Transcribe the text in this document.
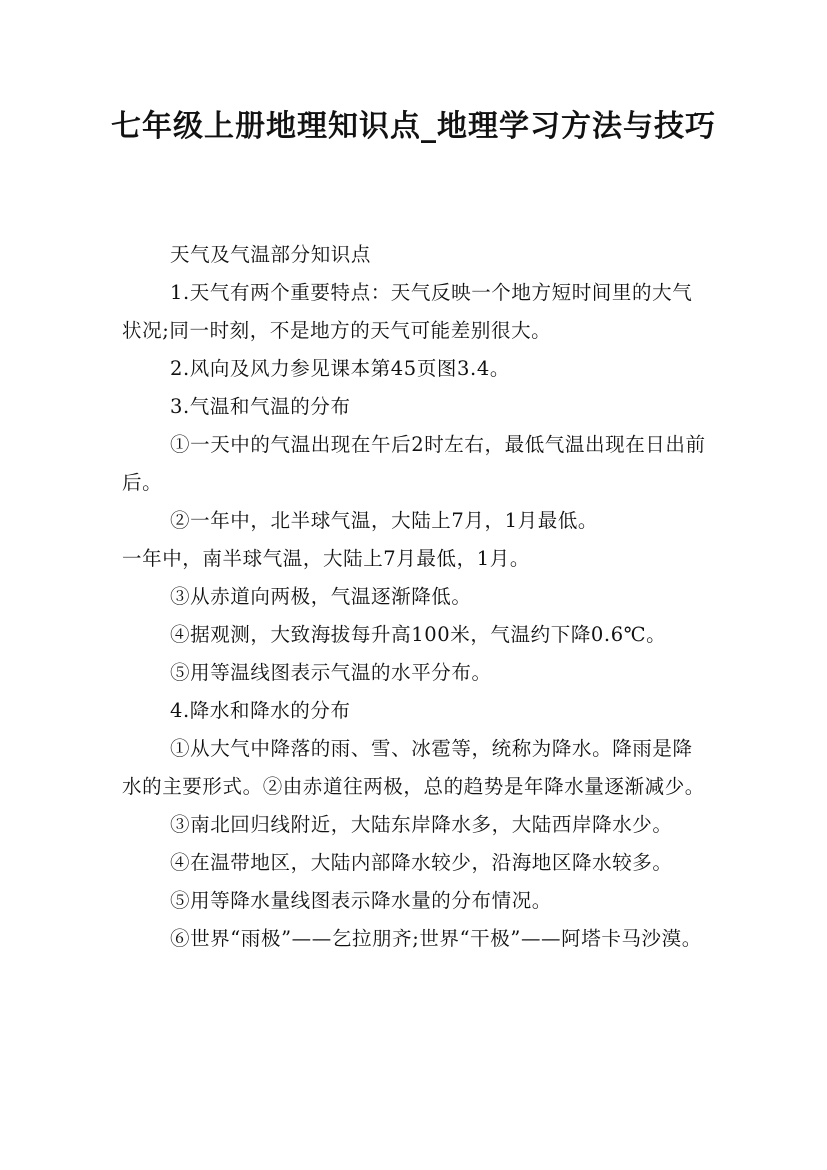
七年级上册地理知识点_地理学习方法与技巧

天气及气温部分知识点

1.天气有两个重要特点：天气反映一个地方短时间里的大气状况;同一时刻，不是地方的天气可能差别很大。

2.风向及风力参见课本第45页图3.4。

3.气温和气温的分布

①一天中的气温出现在午后2时左右，最低气温出现在日出前后。

②一年中，北半球气温，大陆上7月，1月最低。

一年中，南半球气温，大陆上7月最低，1月。

③从赤道向两极，气温逐渐降低。

④据观测，大致海拔每升高100米，气温约下降0.6℃。

⑤用等温线图表示气温的水平分布。

4.降水和降水的分布

①从大气中降落的雨、雪、冰雹等，统称为降水。降雨是降水的主要形式。②由赤道往两极，总的趋势是年降水量逐渐减少。

③南北回归线附近，大陆东岸降水多，大陆西岸降水少。

④在温带地区，大陆内部降水较少，沿海地区降水较多。

⑤用等降水量线图表示降水量的分布情况。

⑥世界“雨极”——乞拉朋齐;世界“干极”——阿塔卡马沙漠。
